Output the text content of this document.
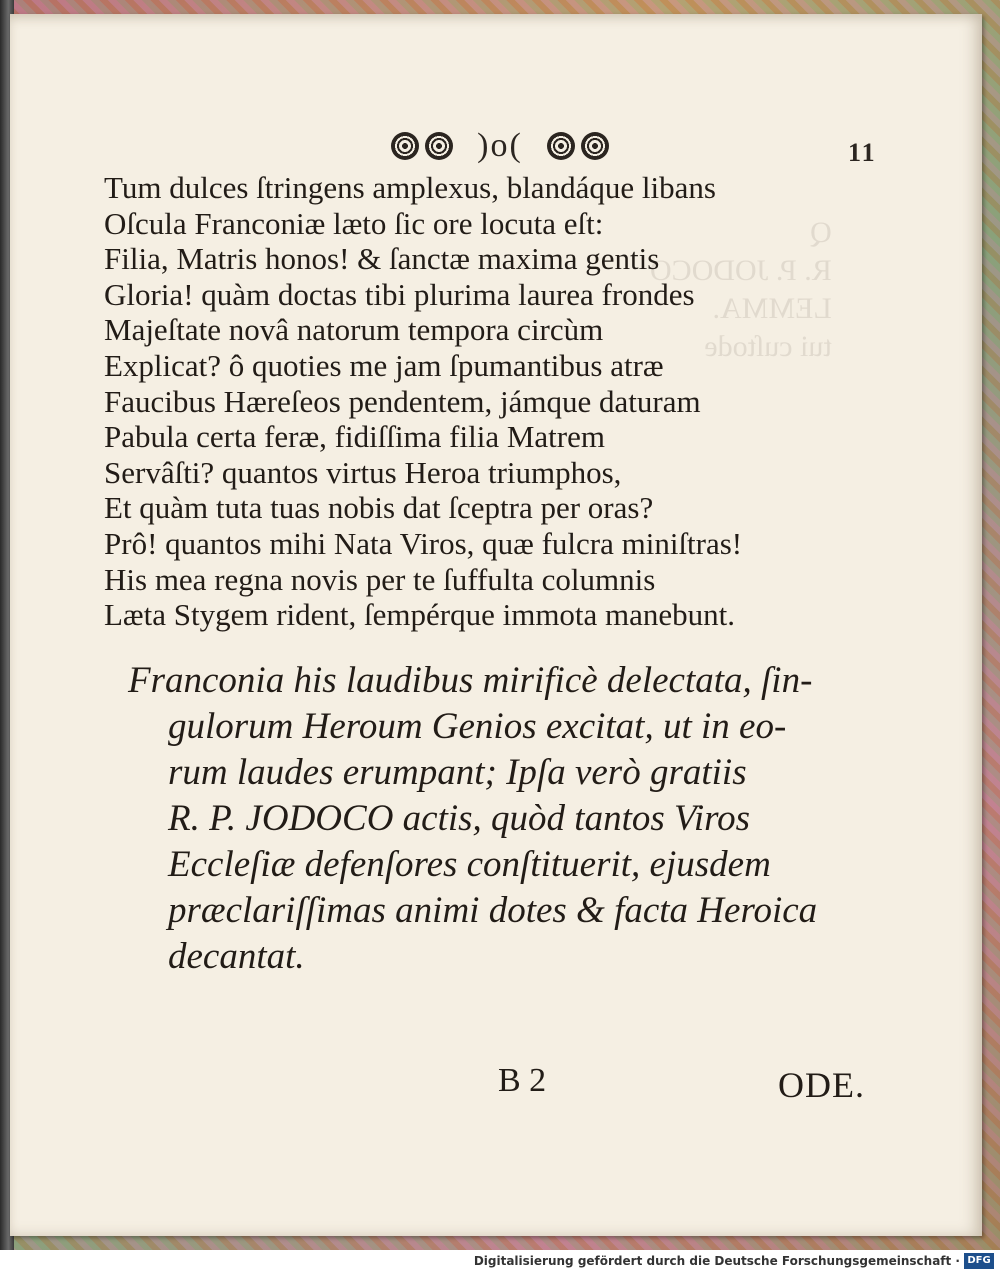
Q
R. P. JODOCO
LEMMA.
tui cuſtode
)o(	11
Tum dulces ſtringens amplexus, blandáque libans
Oſcula Franconiæ læto ſic ore locuta eſt:
Filia, Matris honos! & ſanctæ maxima gentis
Gloria! quàm doctas tibi plurima laurea frondes
Majeſtate novâ natorum tempora circùm
Explicat? ô quoties me jam ſpumantibus atræ
Faucibus Hæreſeos pendentem, jámque daturam
Pabula certa feræ, fidiſſima filia Matrem
Servâſti? quantos virtus Heroa triumphos,
Et quàm tuta tuas nobis dat ſceptra per oras?
Prô! quantos mihi Nata Viros, quæ fulcra miniſtras!
His mea regna novis per te ſuffulta columnis
Læta Stygem rident, ſempérque immota manebunt.
Franconia his laudibus mirificè delectata, ſin-
gulorum Heroum Genios excitat, ut in eo-
rum laudes erumpant; Ipſa verò gratiis
R. P. JODOCO actis, quòd tantos Viros
Eccleſiæ defenſores conſtituerit, ejusdem
præclariſſimas animi dotes & facta Heroica
decantat.
B 2	ODE.
Digitalisierung gefördert durch die Deutsche Forschungsgemeinschaft · DFG
